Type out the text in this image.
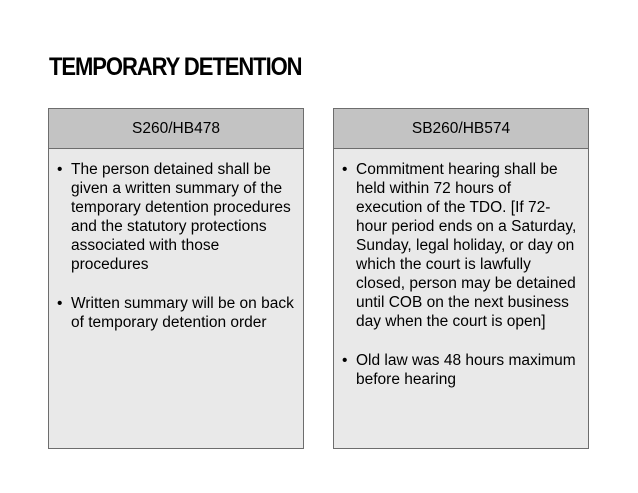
TEMPORARY DETENTION
S260/HB478
• The person detained shall be given a written summary of the temporary detention procedures and the statutory protections associated with those procedures
• Written summary will be on back of temporary detention order
SB260/HB574
• Commitment hearing shall be held within 72 hours of execution of the TDO. [If 72-hour period ends on a Saturday, Sunday, legal holiday, or day on which the court is lawfully closed, person may be detained until COB on the next business day when the court is open]
• Old law was 48 hours maximum before hearing
